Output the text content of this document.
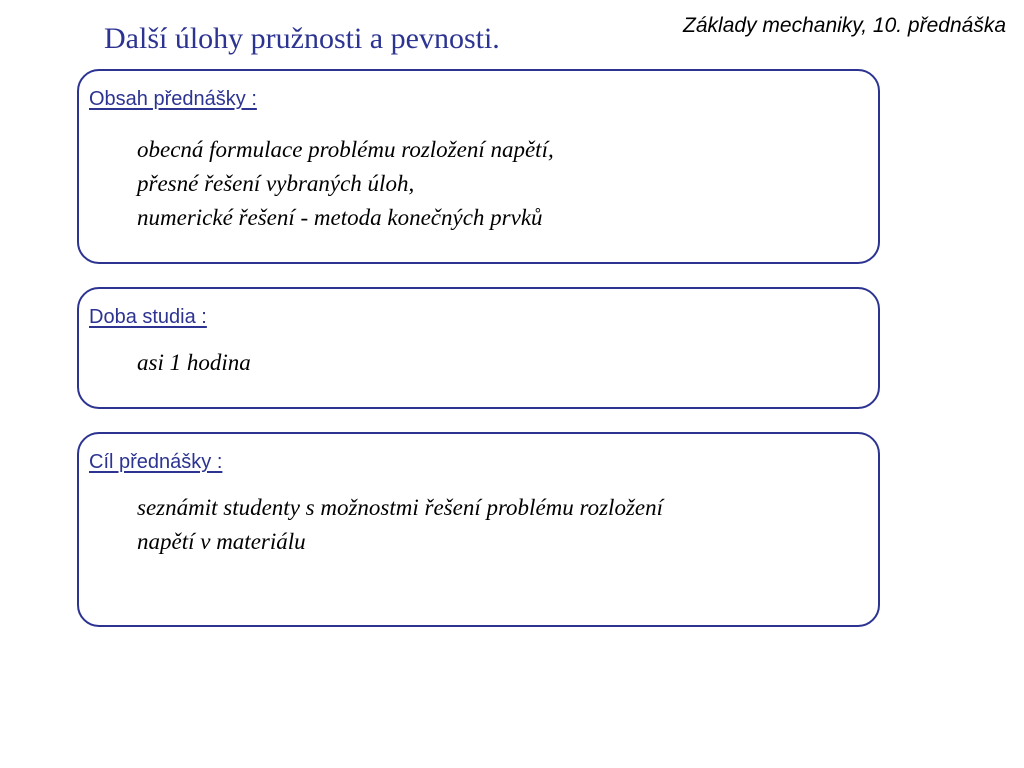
Další úlohy pružnosti a pevnosti.	Základy mechaniky, 10. přednáška
Obsah přednášky :
obecná formulace problému rozložení napětí,
přesné řešení vybraných úloh,
numerické řešení - metoda konečných prvků
Doba studia :
asi 1 hodina
Cíl přednášky :
seznámit studenty s možnostmi řešení problému rozložení
napětí v materiálu
